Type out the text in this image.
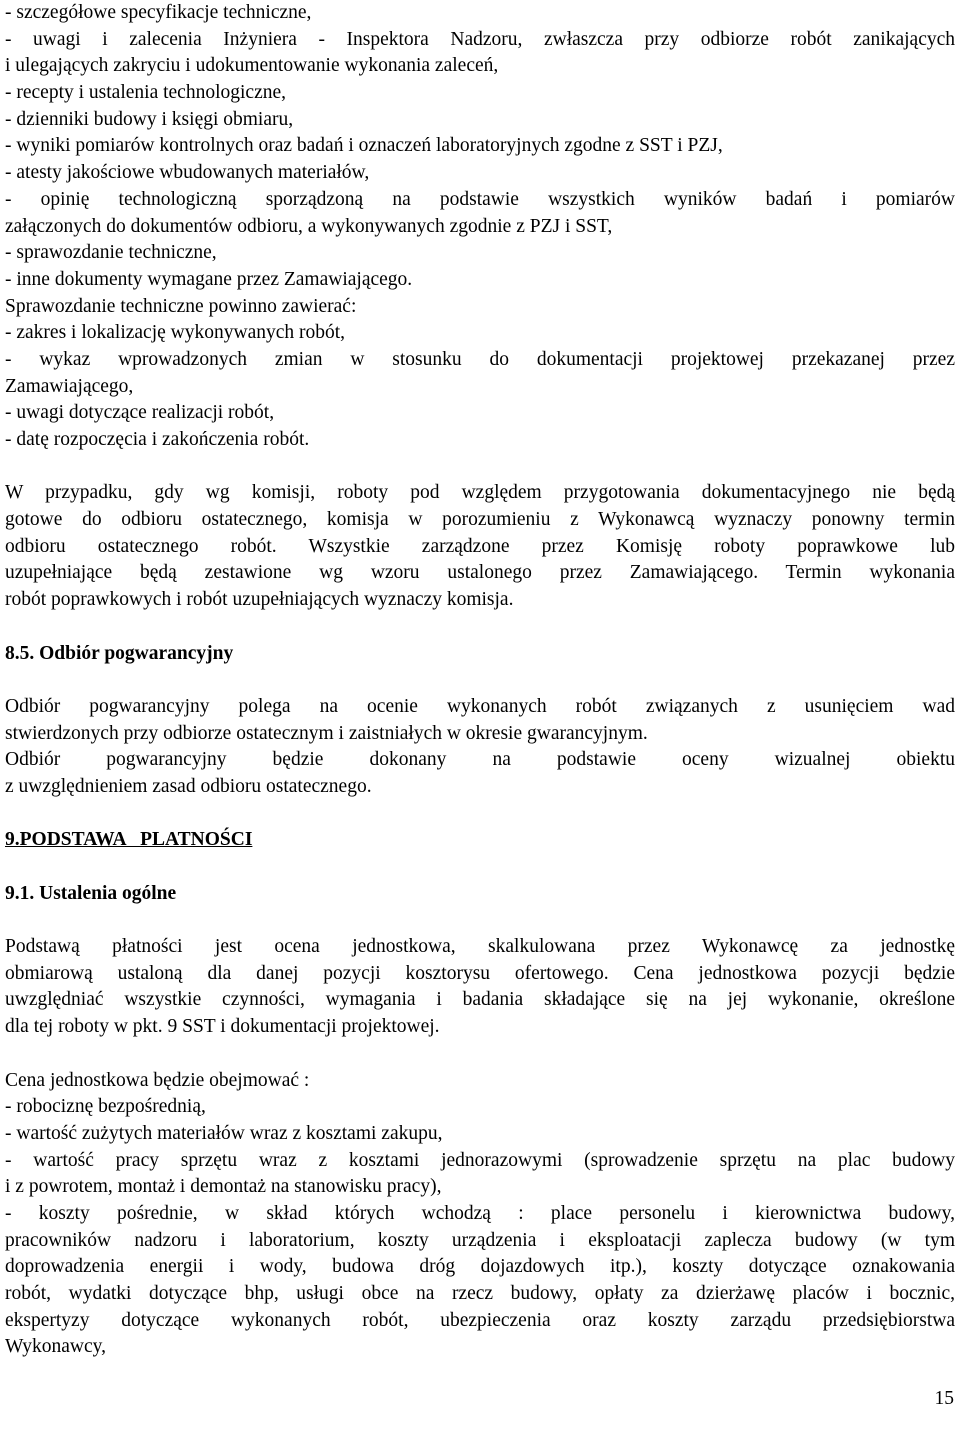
- szczegółowe specyfikacje techniczne,
- uwagi i zalecenia Inżyniera - Inspektora Nadzoru, zwłaszcza przy odbiorze robót zanikających
i ulegających zakryciu i udokumentowanie wykonania zaleceń,
- recepty i ustalenia technologiczne,
- dzienniki budowy i księgi obmiaru,
- wyniki pomiarów kontrolnych oraz badań i oznaczeń laboratoryjnych zgodne z SST i PZJ,
- atesty jakościowe wbudowanych materiałów,
- opinię technologiczną sporządzoną na podstawie wszystkich wyników badań i pomiarów
załączonych do dokumentów odbioru, a wykonywanych zgodnie z PZJ i SST,
- sprawozdanie techniczne,
- inne dokumenty wymagane przez Zamawiającego.
Sprawozdanie techniczne powinno zawierać:
- zakres i lokalizację wykonywanych robót,
- wykaz wprowadzonych zmian w stosunku do dokumentacji projektowej przekazanej przez
Zamawiającego,
- uwagi dotyczące realizacji robót,
- datę rozpoczęcia i zakończenia robót.
W przypadku, gdy wg komisji, roboty pod względem przygotowania dokumentacyjnego nie będą
gotowe do odbioru ostatecznego, komisja w porozumieniu z Wykonawcą wyznaczy ponowny termin
odbioru ostatecznego robót. Wszystkie zarządzone przez Komisję roboty poprawkowe lub
uzupełniające będą zestawione wg wzoru ustalonego przez Zamawiającego. Termin wykonania
robót poprawkowych i robót uzupełniających wyznaczy komisja.
8.5. Odbiór pogwarancyjny
Odbiór pogwarancyjny polega na ocenie wykonanych robót związanych z usunięciem wad
stwierdzonych przy odbiorze ostatecznym i zaistniałych w okresie gwarancyjnym.
Odbiór pogwarancyjny będzie dokonany na podstawie oceny wizualnej obiektu
z uwzględnieniem zasad odbioru ostatecznego.
9.PODSTAWA   PLATNOŚCI
9.1. Ustalenia ogólne
Podstawą płatności jest ocena jednostkowa, skalkulowana przez Wykonawcę za jednostkę
obmiarową ustaloną dla danej pozycji kosztorysu ofertowego. Cena jednostkowa pozycji będzie
uwzględniać wszystkie czynności, wymagania i badania składające się na jej wykonanie, określone
dla tej roboty w pkt. 9 SST i dokumentacji projektowej.
Cena jednostkowa będzie obejmować :
- robociznę bezpośrednią,
- wartość zużytych materiałów wraz z kosztami zakupu,
- wartość pracy sprzętu wraz z kosztami jednorazowymi (sprowadzenie sprzętu na plac budowy
i z powrotem, montaż i demontaż na stanowisku pracy),
- koszty pośrednie, w skład których wchodzą : place personelu i kierownictwa budowy,
pracowników nadzoru i laboratorium, koszty urządzenia i eksploatacji zaplecza budowy (w tym
doprowadzenia energii i wody, budowa dróg dojazdowych itp.), koszty dotyczące oznakowania
robót, wydatki dotyczące bhp, usługi obce na rzecz budowy, opłaty za dzierżawę placów i bocznic,
ekspertyzy dotyczące wykonanych robót, ubezpieczenia oraz koszty zarządu przedsiębiorstwa
Wykonawcy,
15
